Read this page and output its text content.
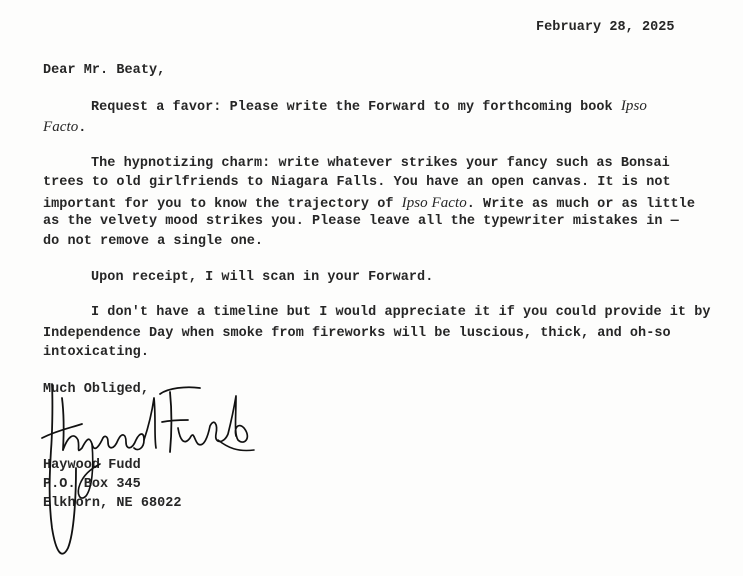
February 28, 2025
Dear Mr. Beaty,
Request a favor: Please write the Forward to my forthcoming book Ipso
Facto.
The hypnotizing charm: write whatever strikes your fancy such as Bonsai
trees to old girlfriends to Niagara Falls. You have an open canvas. It is not
important for you to know the trajectory of Ipso Facto. Write as much or as little
as the velvety mood strikes you. Please leave all the typewriter mistakes in —
do not remove a single one.
Upon receipt, I will scan in your Forward.
I don't have a timeline but I would appreciate it if you could provide it by
Independence Day when smoke from fireworks will be luscious, thick, and oh-so
intoxicating.
Much Obliged,
Haywood Fudd
P.O. Box 345
Elkhorn, NE 68022
